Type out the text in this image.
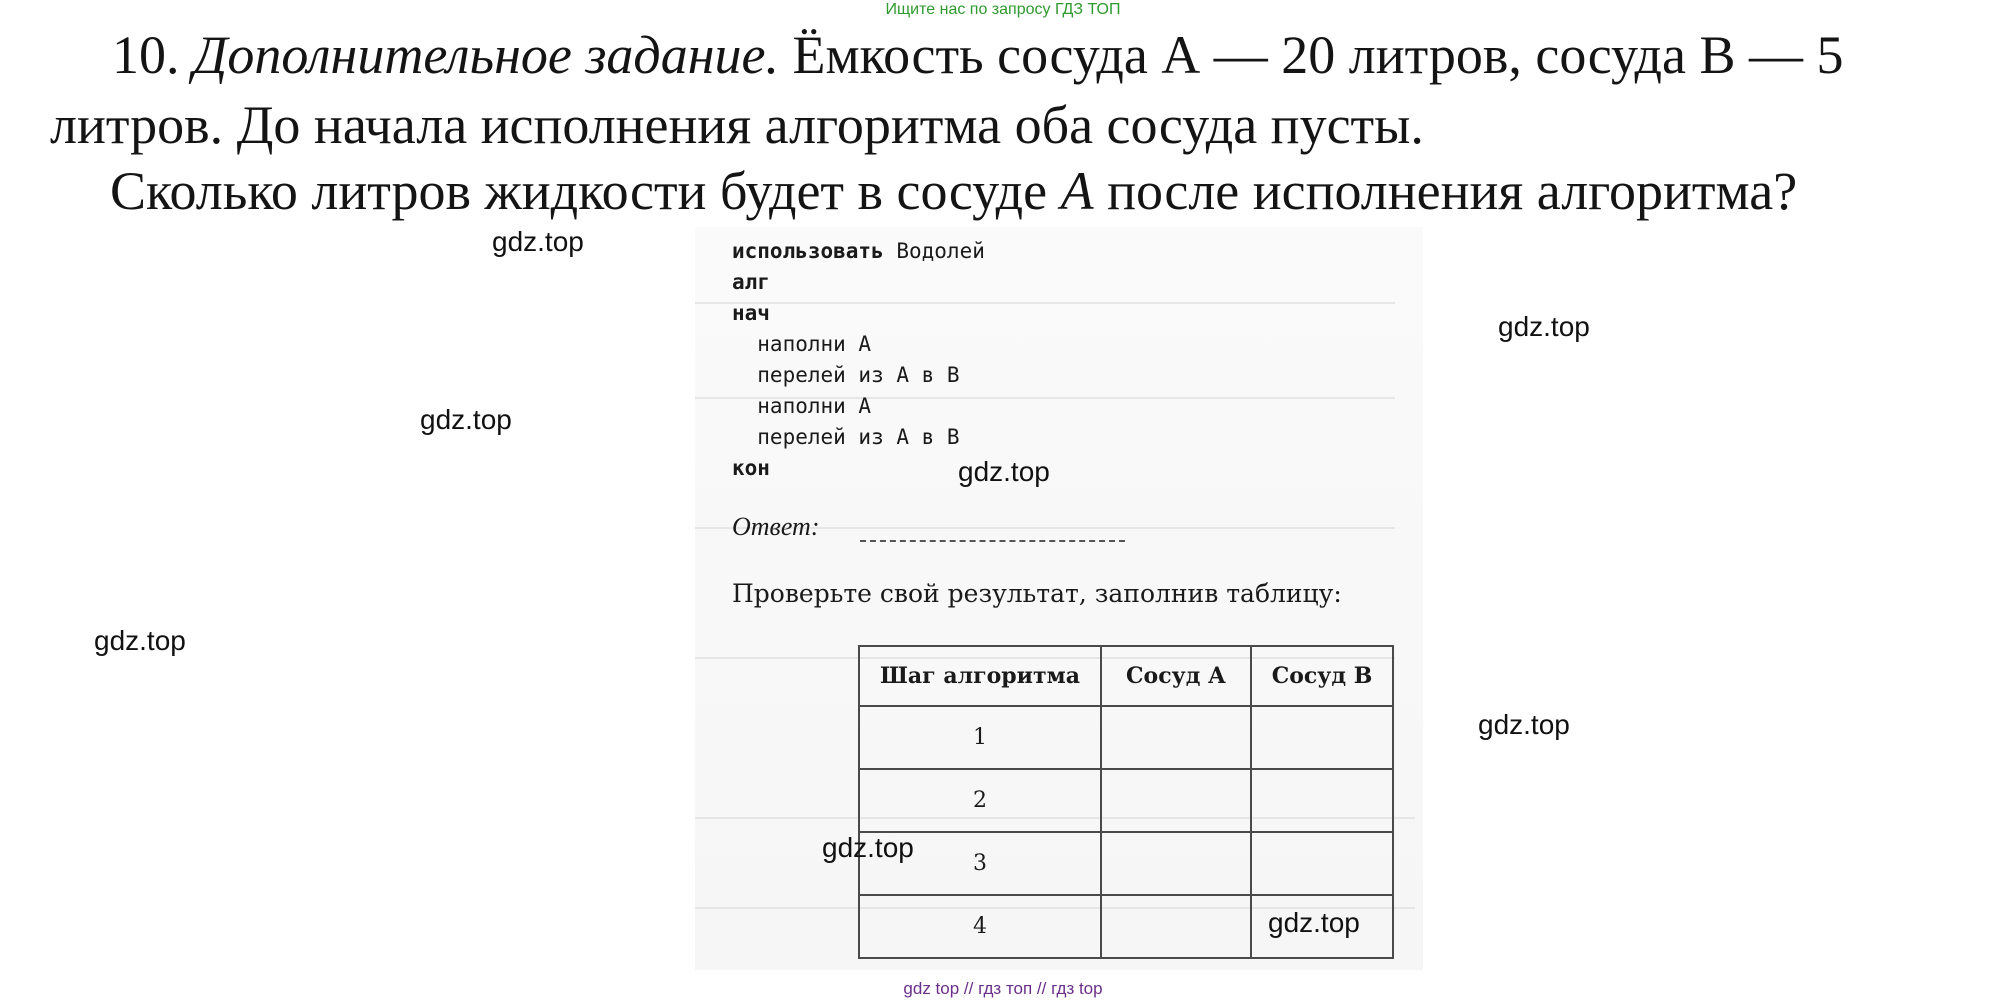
Ищите нас по запросу ГДЗ ТОП
10. Дополнительное задание. Ёмкость сосуда А — 20 литров, сосуда В — 5
литров. До начала исполнения алгоритма оба сосуда пусты.
Сколько литров жидкости будет в сосуде А после исполнения алгоритма?
использовать Водолей
алг
нач
наполни А
перелей из А в В
наполни А
перелей из А в В
кон
Ответ:
Проверьте свой результат, заполнив таблицу:
Шаг алгоритма	Сосуд А	Сосуд В
1		
2		
3		
4		
gdz.top
gdz.top
gdz.top
gdz.top
gdz.top
gdz.top
gdz.top
gdz.top
gdz top // гдз топ // гдз top
